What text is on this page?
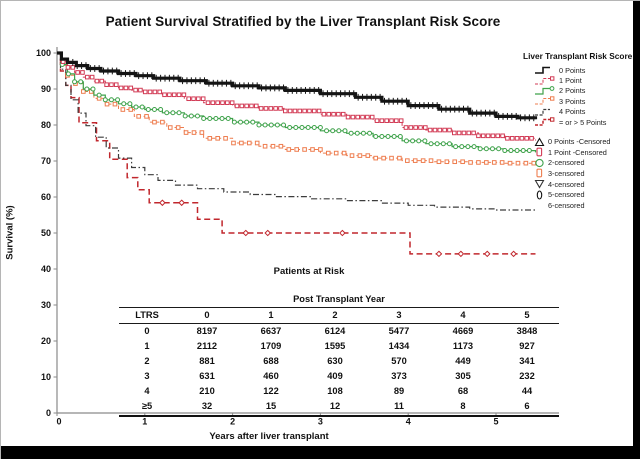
Patient Survival Stratified by the Liver Transplant Risk Score
0
10
20
30
40
50
60
70
80
90
100
0	1	2	3	4	5
Survival (%)
Years after liver transplant
Patients at Risk
Liver Transplant Risk Score
0 Points
1 Point
2 Points
3 Points
4 Points
= or > 5 Points
0 Points -Censored
1 Point -Censored
2-censored
3-censored
4-censored
5-censored
6-censored
Post Transplant Year
LTRS	0	1	2	3	4	5
0	8197	6637	6124	5477	4669	3848
1	2112	1709	1595	1434	1173	927
2	881	688	630	570	449	341
3	631	460	409	373	305	232
4	210	122	108	89	68	44
≥5	32	15	12	11	8	6
